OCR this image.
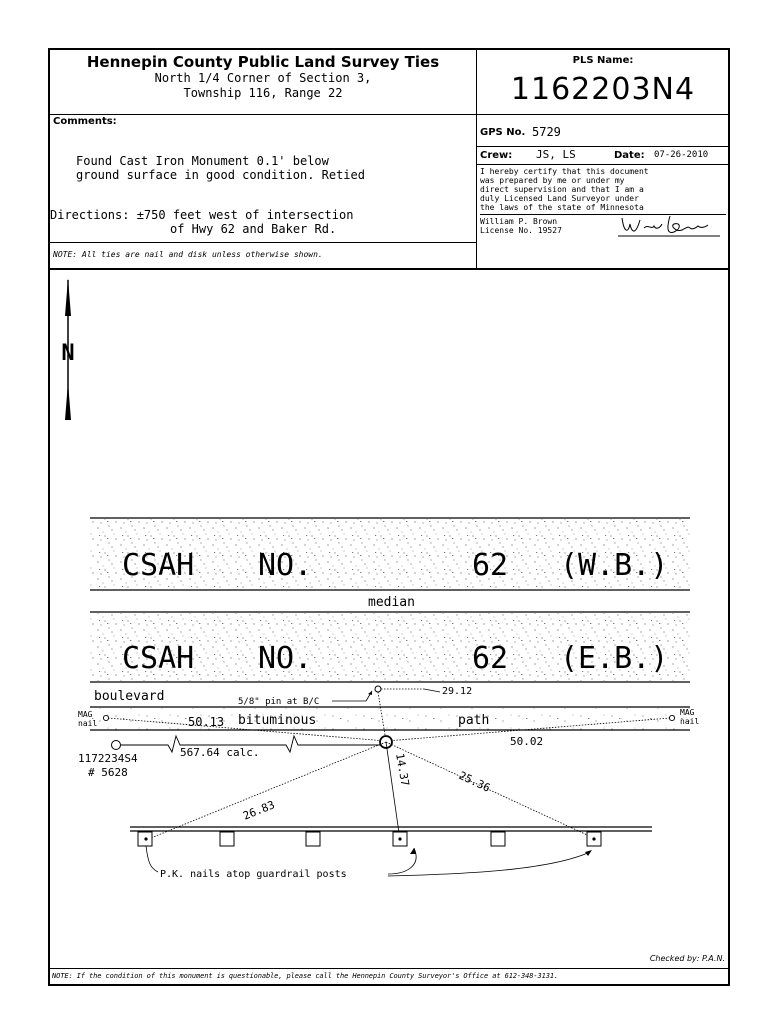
Hennepin County Public Land Survey Ties
North 1/4 Corner of Section 3,
Township 116, Range 22
PLS Name:
1162203N4
Comments:
Found Cast Iron Monument 0.1' below
ground surface in good condition. Retied
Directions: ±750 feet west of intersection
of Hwy 62 and Baker Rd.
NOTE: All ties are nail and disk unless otherwise shown.
GPS No. 5729
Crew: JS, LS	Date: 07-26-2010
I hereby certify that this document
was prepared by me or under my
direct supervision and that I am a
duly Licensed Land Surveyor under
the laws of the state of Minnesota
William P. Brown
License No. 19527
N
CSAH NO.	62 (W.B.)
CSAH NO.	62 (E.B.)
median
boulevard	5/8" pin at B/C
29.12
MAG
nail
MAG
nail
50.13 bituminous	path
50.02
1172234S4
# 5628
567.64 calc.
26.83
14.37	25.36
P.K. nails atop guardrail posts
Checked by: P.A.N.
NOTE: If the condition of this monument is questionable, please call the Hennepin County Surveyor's Office at 612-348-3131.
